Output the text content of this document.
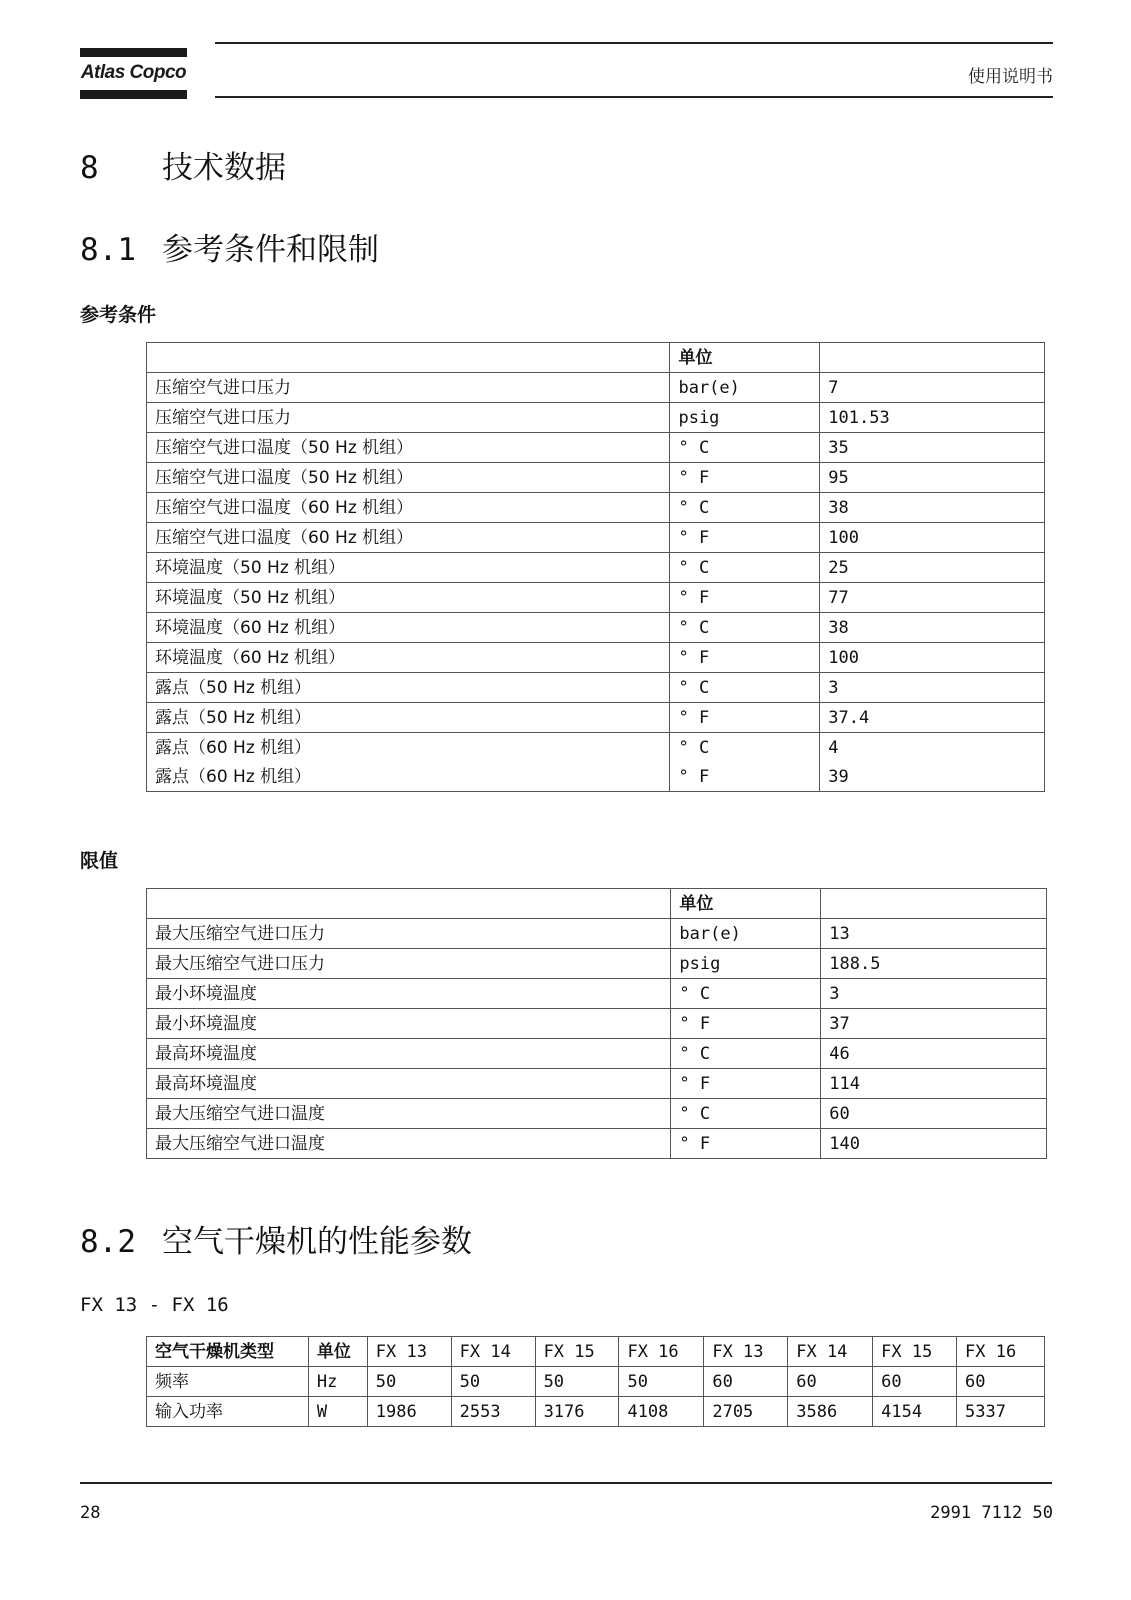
Atlas Copco	使用说明书
8 技术数据
8.1 参考条件和限制
参考条件
	单位	
压缩空气进口压力	bar(e)	7
压缩空气进口压力	psig	101.53
压缩空气进口温度（50 Hz 机组）	° C	35
压缩空气进口温度（50 Hz 机组）	° F	95
压缩空气进口温度（60 Hz 机组）	° C	38
压缩空气进口温度（60 Hz 机组）	° F	100
环境温度（50 Hz 机组）	° C	25
环境温度（50 Hz 机组）	° F	77
环境温度（60 Hz 机组）	° C	38
环境温度（60 Hz 机组）	° F	100
露点（50 Hz 机组）	° C	3
露点（50 Hz 机组）	° F	37.4
露点（60 Hz 机组）	° C	4
露点（60 Hz 机组）	° F	39
限值
	单位	
最大压缩空气进口压力	bar(e)	13
最大压缩空气进口压力	psig	188.5
最小环境温度	° C	3
最小环境温度	° F	37
最高环境温度	° C	46
最高环境温度	° F	114
最大压缩空气进口温度	° C	60
最大压缩空气进口温度	° F	140
8.2 空气干燥机的性能参数
FX 13 - FX 16
空气干燥机类型	单位	FX 13	FX 14	FX 15	FX 16	FX 13	FX 14	FX 15	FX 16
频率	Hz	50	50	50	50	60	60	60	60
输入功率	W	1986	2553	3176	4108	2705	3586	4154	5337
28	2991 7112 50
